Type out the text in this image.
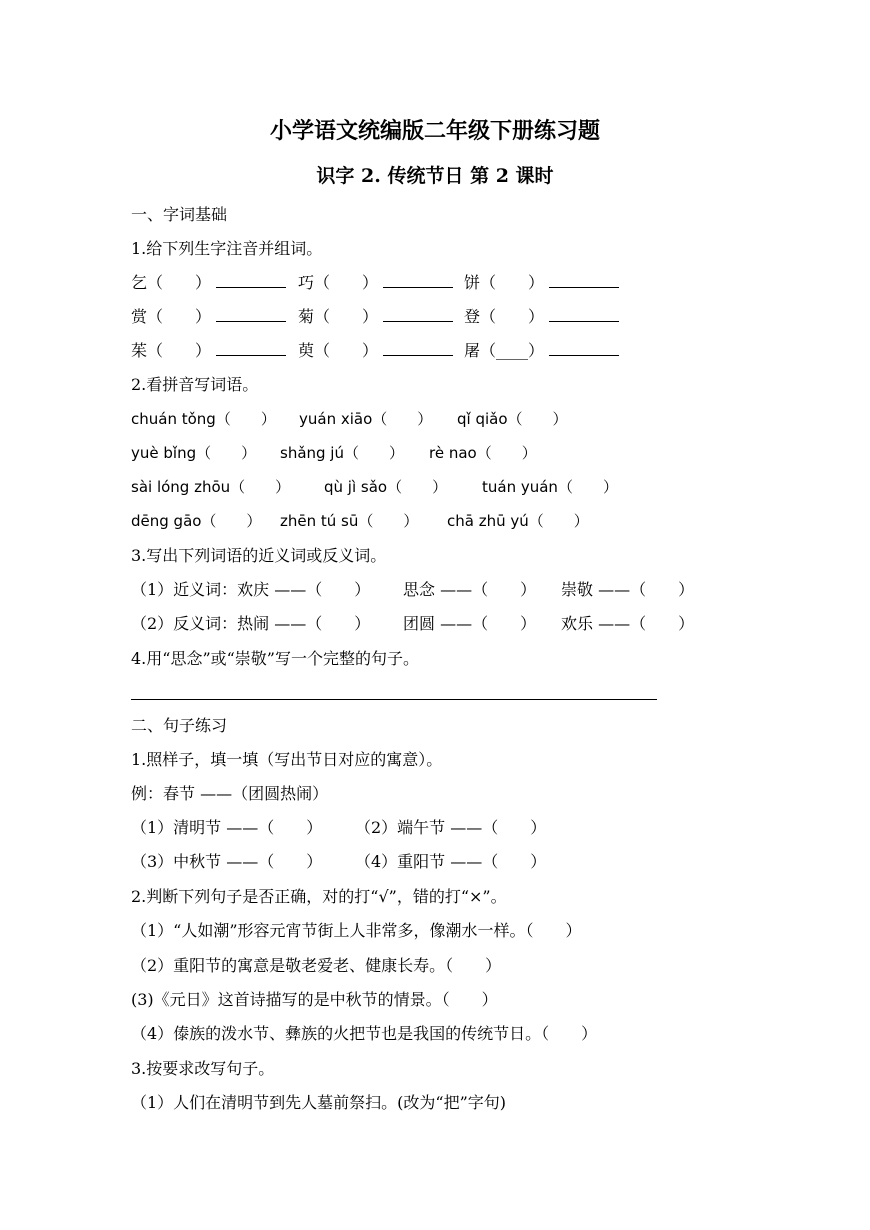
小学语文统编版二年级下册练习题
识字 2. 传统节日 第 2 课时
一、字词基础
1.给下列生字注音并组词。
乞（　　）	巧（　　）	饼（　　）
赏（　　）	菊（　　）	登（　　）
茱（　　）	萸（　　）	屠（____）
2.看拼音写词语。
chuán tǒng（　　） yuán xiāo（　　） qǐ qiǎo（　　）
yuè bǐng（　　） shǎng jú（　　） rè nao（　　）
sài lóng zhōu（　　） qù jì sǎo（　　） tuán yuán（　　）
dēng gāo（　　） zhēn tú sū（　　） chā zhū yú（　　）
3.写出下列词语的近义词或反义词。
（1）近义词：欢庆 ——（　　） 思念 ——（　　） 崇敬 ——（　　）
（2）反义词：热闹 ——（　　） 团圆 ——（　　） 欢乐 ——（　　）
4.用“思念”或“崇敬”写一个完整的句子。
二、句子练习
1.照样子，填一填（写出节日对应的寓意）。
例：春节 ——（团圆热闹）
（1）清明节 ——（　　） （2）端午节 ——（　　）
（3）中秋节 ——（　　） （4）重阳节 ——（　　）
2.判断下列句子是否正确，对的打“√”，错的打“×”。
（1）“人如潮”形容元宵节街上人非常多，像潮水一样。（　　）
（2）重阳节的寓意是敬老爱老、健康长寿。（　　）
(3)《元日》这首诗描写的是中秋节的情景。（　　）
（4）傣族的泼水节、彝族的火把节也是我国的传统节日。（　　）
3.按要求改写句子。
（1）人们在清明节到先人墓前祭扫。(改为“把”字句)
